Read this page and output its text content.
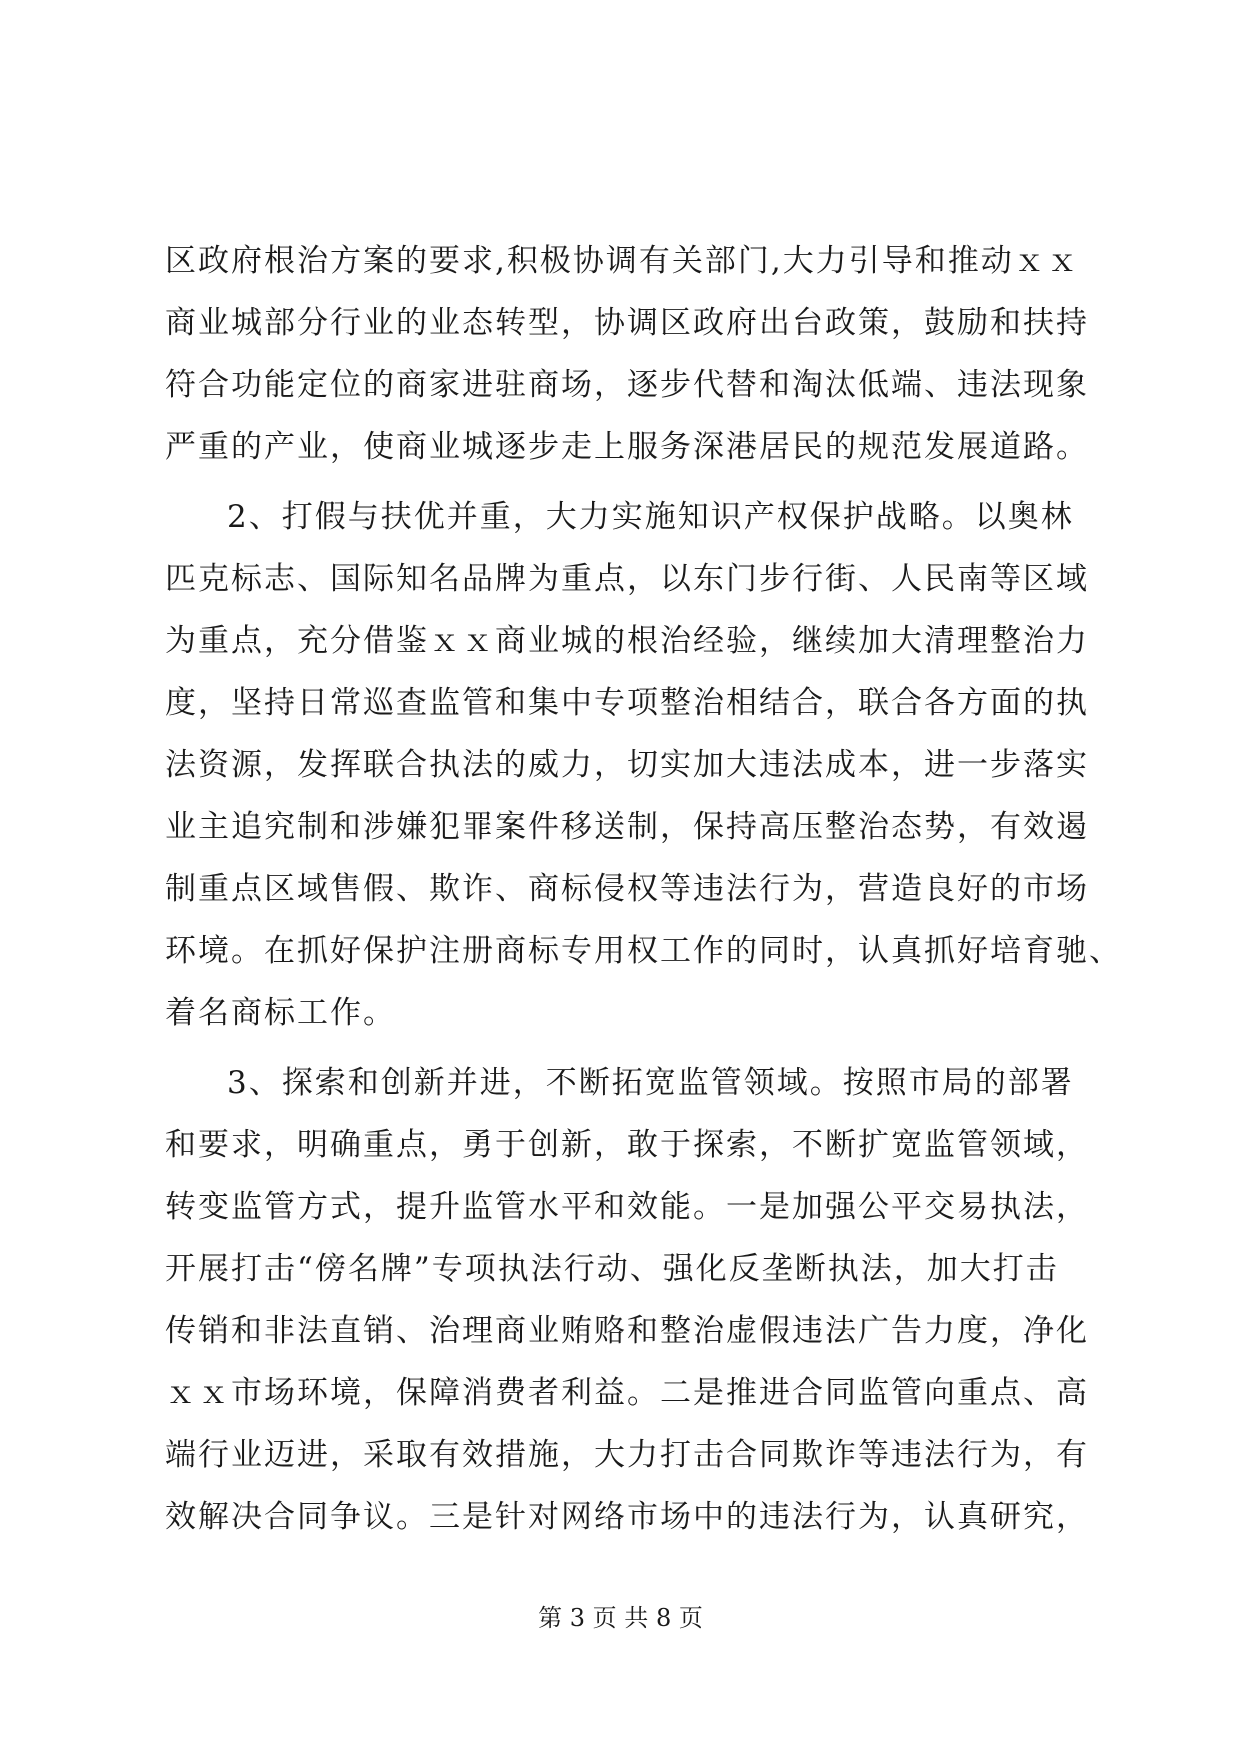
区政府根治方案的要求,积极协调有关部门,大力引导和推动ｘｘ
商业城部分行业的业态转型，协调区政府出台政策，鼓励和扶持
符合功能定位的商家进驻商场，逐步代替和淘汰低端、违法现象
严重的产业，使商业城逐步走上服务深港居民的规范发展道路。
2、打假与扶优并重，大力实施知识产权保护战略。以奥林
匹克标志、国际知名品牌为重点，以东门步行街、人民南等区域
为重点，充分借鉴ｘｘ商业城的根治经验，继续加大清理整治力
度，坚持日常巡查监管和集中专项整治相结合，联合各方面的执
法资源，发挥联合执法的威力，切实加大违法成本，进一步落实
业主追究制和涉嫌犯罪案件移送制，保持高压整治态势，有效遏
制重点区域售假、欺诈、商标侵权等违法行为，营造良好的市场
环境。在抓好保护注册商标专用权工作的同时，认真抓好培育驰、
着名商标工作。
3、探索和创新并进，不断拓宽监管领域。按照市局的部署
和要求，明确重点，勇于创新，敢于探索，不断扩宽监管领域，
转变监管方式，提升监管水平和效能。一是加强公平交易执法，
开展打击“傍名牌”专项执法行动、强化反垄断执法，加大打击
传销和非法直销、治理商业贿赂和整治虚假违法广告力度，净化
ｘｘ市场环境，保障消费者利益。二是推进合同监管向重点、高
端行业迈进，采取有效措施，大力打击合同欺诈等违法行为，有
效解决合同争议。三是针对网络市场中的违法行为，认真研究，
第 3 页 共 8 页
